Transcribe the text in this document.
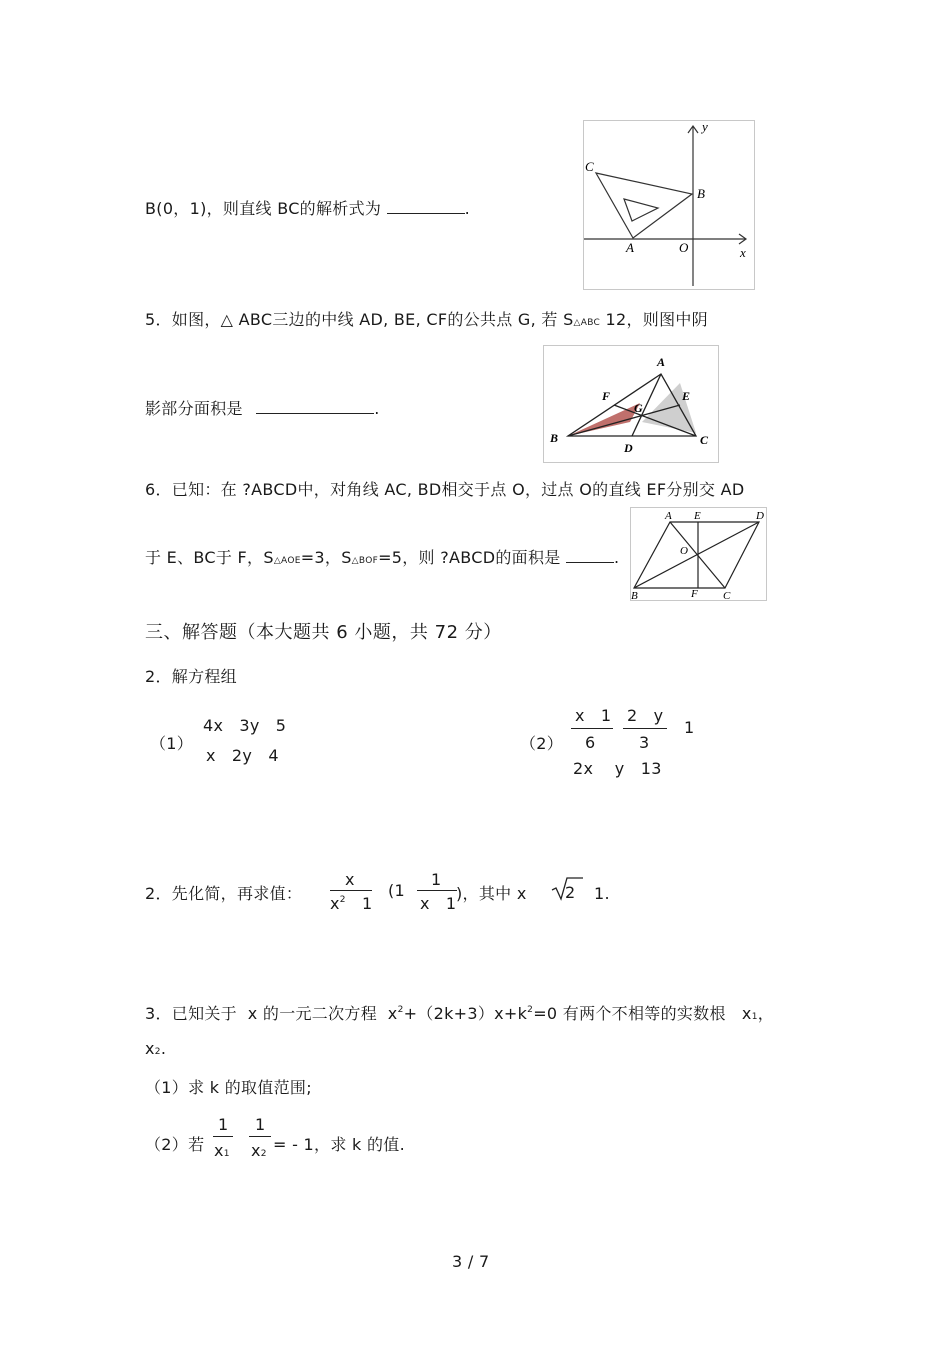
B(0，1)，则直线 BC的解析式为	.
y
x
C
B
A	O
5．如图，△ ABC三边的中线 AD, BE, CF的公共点 G, 若 S△ABC 12，则图中阴
影部分面积是	.
A
F	E
G
B
D
C
6．已知：在 ?ABCD中，对角线 AC, BD相交于点 O，过点 O的直线 EF分别交 AD
于 E、BC于 F，S△AOE=3，S△BOF=5，则 ?ABCD的面积是	.
A E	D
O
B	F C
三、解答题（本大题共 6 小题，共 72 分）
2．解方程组
（1）
4x   3y   5
x   2y   4
（2）
x   1
6
2   y
3
1
2x    y   13
2．先化简，再求值：
x
$x^2$   1
(1
1
x   1
)，其中 x 2 1.
3．已知关于  x 的一元二次方程  $x^2+(2k+3)x+k^2=0$ 有两个不相等的实数根   x1，
x2.
（1）求 k 的取值范围;
（2）若
1
x1
1
x2 = - 1，求 k 的值.
3 / 7
